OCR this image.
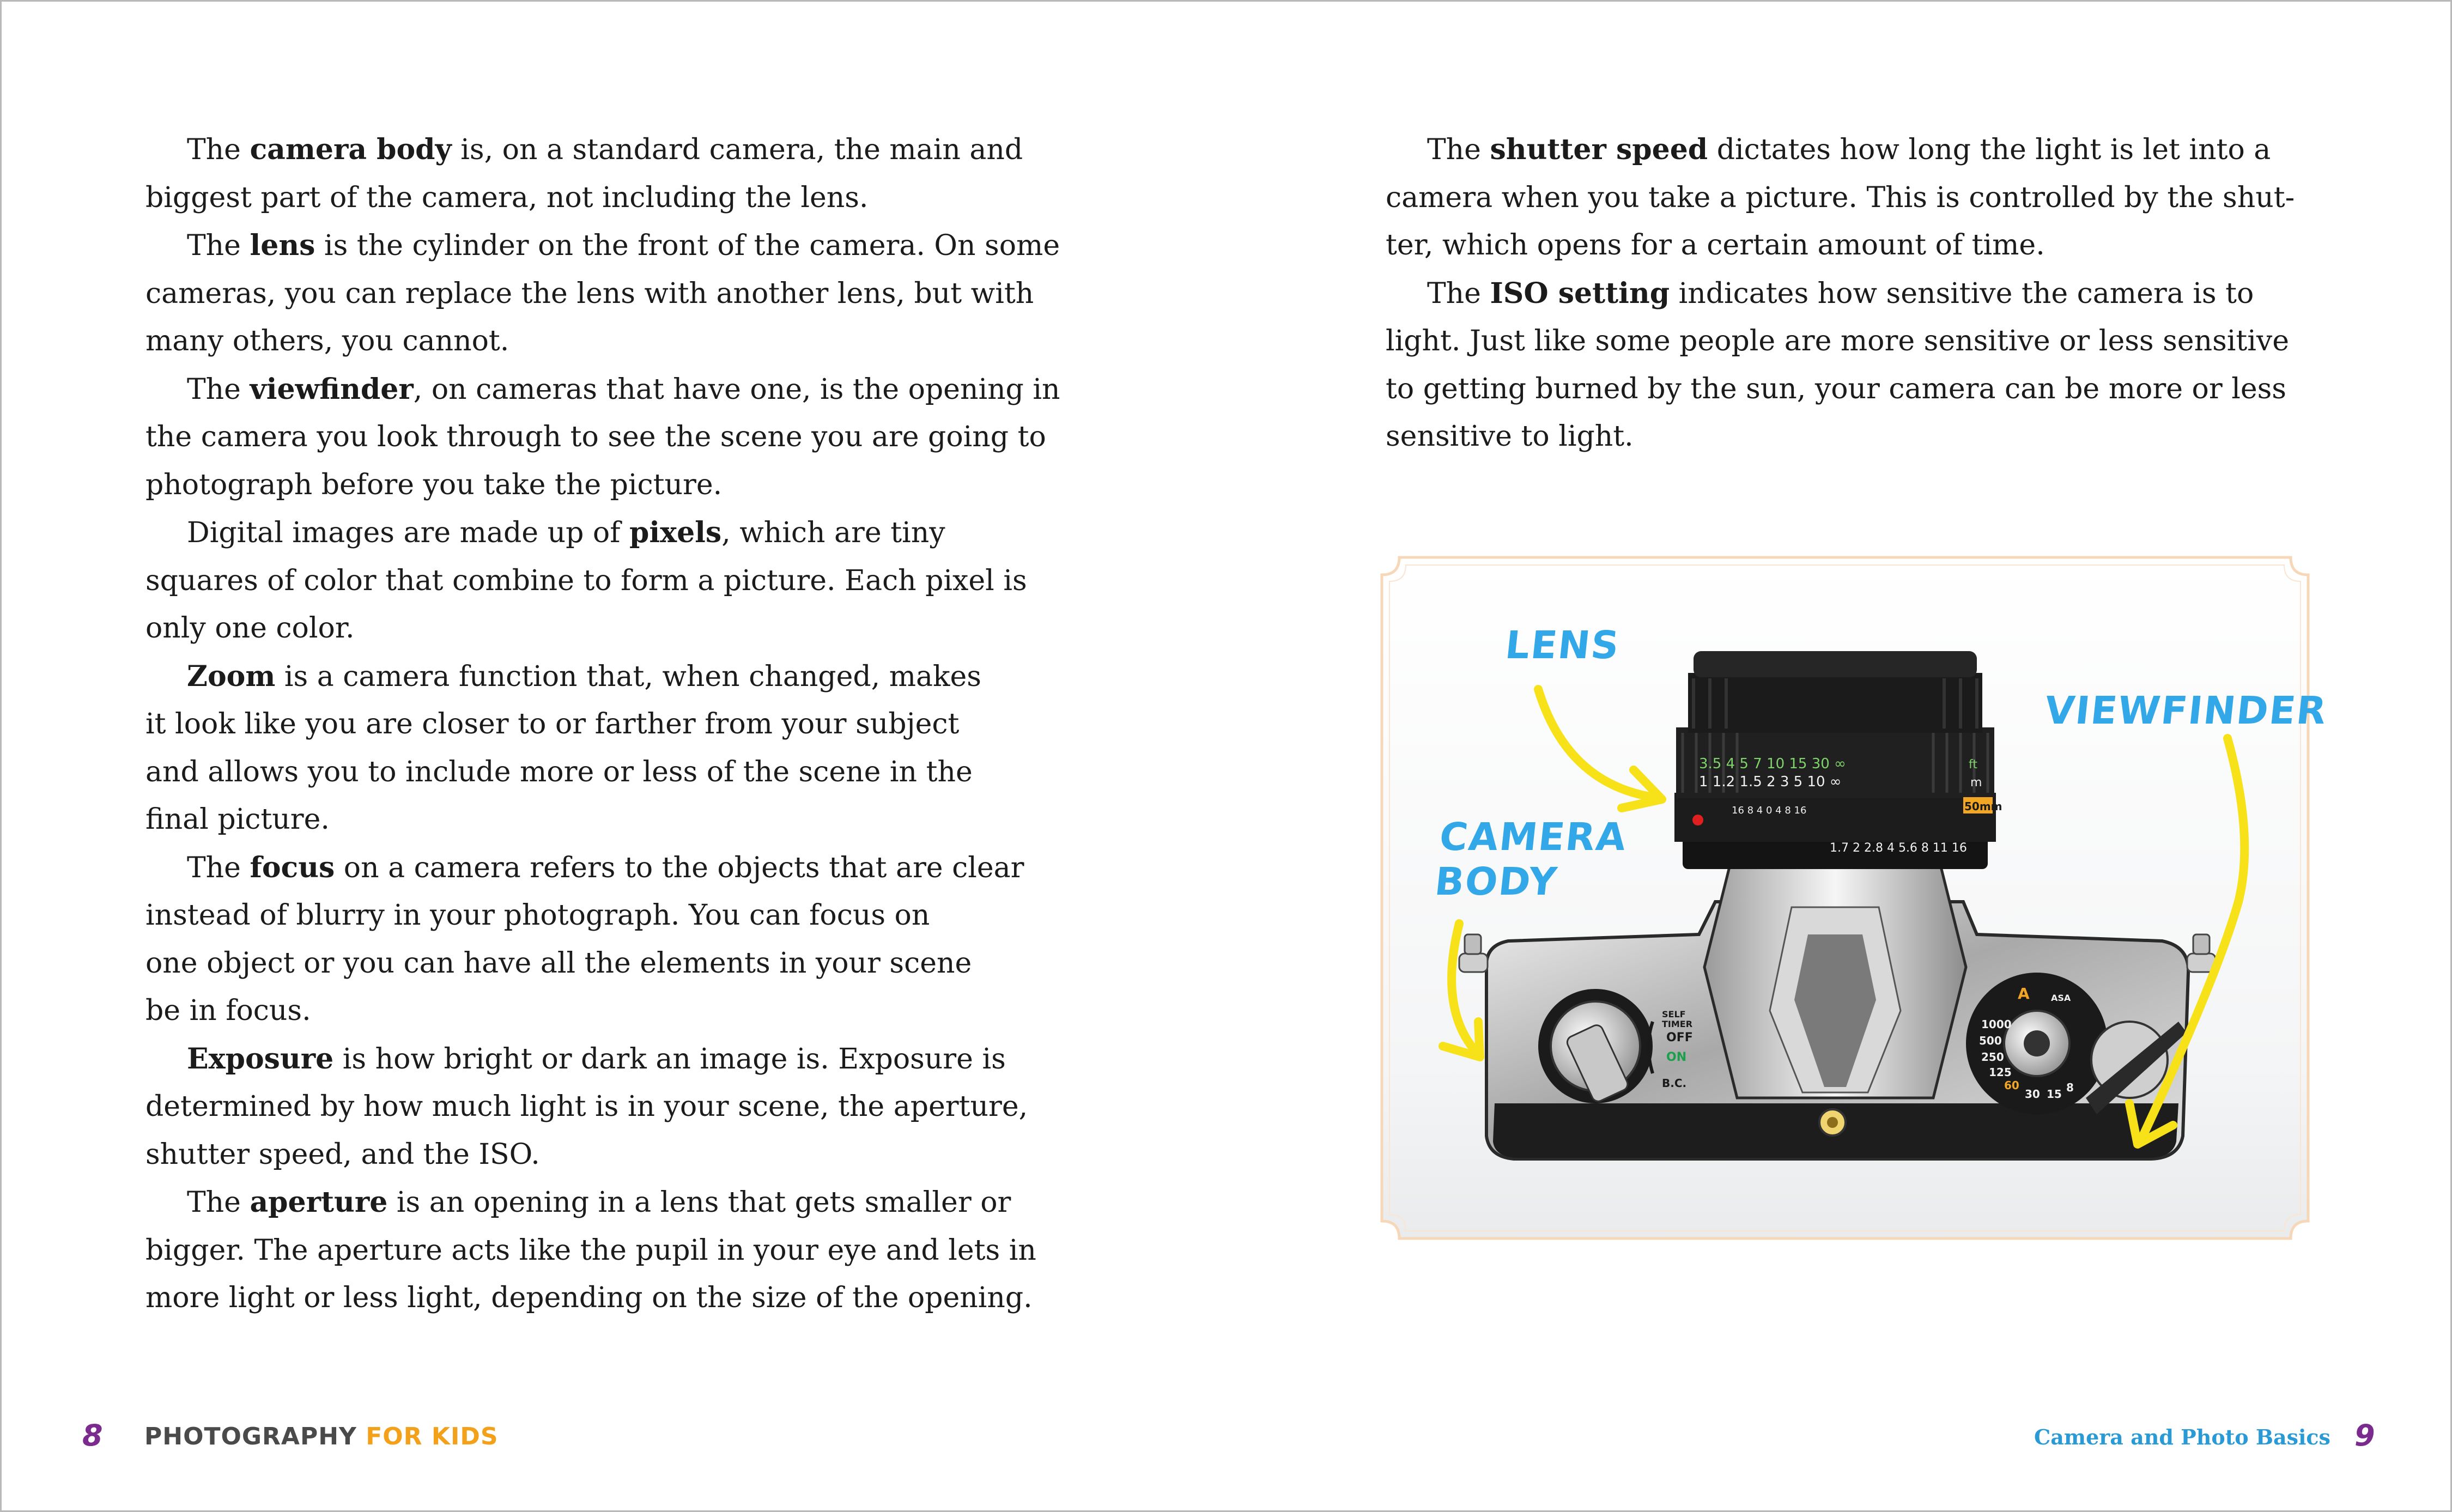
The camera body is, on a standard camera, the main and
biggest part of the camera, not including the lens.

The lens is the cylinder on the front of the camera. On some
cameras, you can replace the lens with another lens, but with
many others, you cannot.

The viewfinder, on cameras that have one, is the opening in
the camera you look through to see the scene you are going to
photograph before you take the picture.

Digital images are made up of pixels, which are tiny
squares of color that combine to form a picture. Each pixel is
only one color.

Zoom is a camera function that, when changed, makes
it look like you are closer to or farther from your subject
and allows you to include more or less of the scene in the
final picture.

The focus on a camera refers to the objects that are clear
instead of blurry in your photograph. You can focus on
one object or you can have all the elements in your scene
be in focus.

Exposure is how bright or dark an image is. Exposure is
determined by how much light is in your scene, the aperture,
shutter speed, and the ISO.

The aperture is an opening in a lens that gets smaller or
bigger. The aperture acts like the pupil in your eye and lets in
more light or less light, depending on the size of the opening.

The shutter speed dictates how long the light is let into a
camera when you take a picture. This is controlled by the shut-
ter, which opens for a certain amount of time.

The ISO setting indicates how sensitive the camera is to
light. Just like some people are more sensitive or less sensitive
to getting burned by the sun, your camera can be more or less
sensitive to light.

3.5 4 5 7 10 15 30 ∞	ft
1 1.2 1.5 2 3 5 10 ∞	m
16 8 4 0 4 8 16	50mm
1.7 2 2.8 4 5.6 8 11 16
SELF
TIMER
OFF
ON
B.C.
A
1000
500
250
125
60
30 15 8
ASA
LENS
VIEWFINDER
CAMERA
BODY
8 PHOTOGRAPHY FOR KIDS	Camera and Photo Basics 9
